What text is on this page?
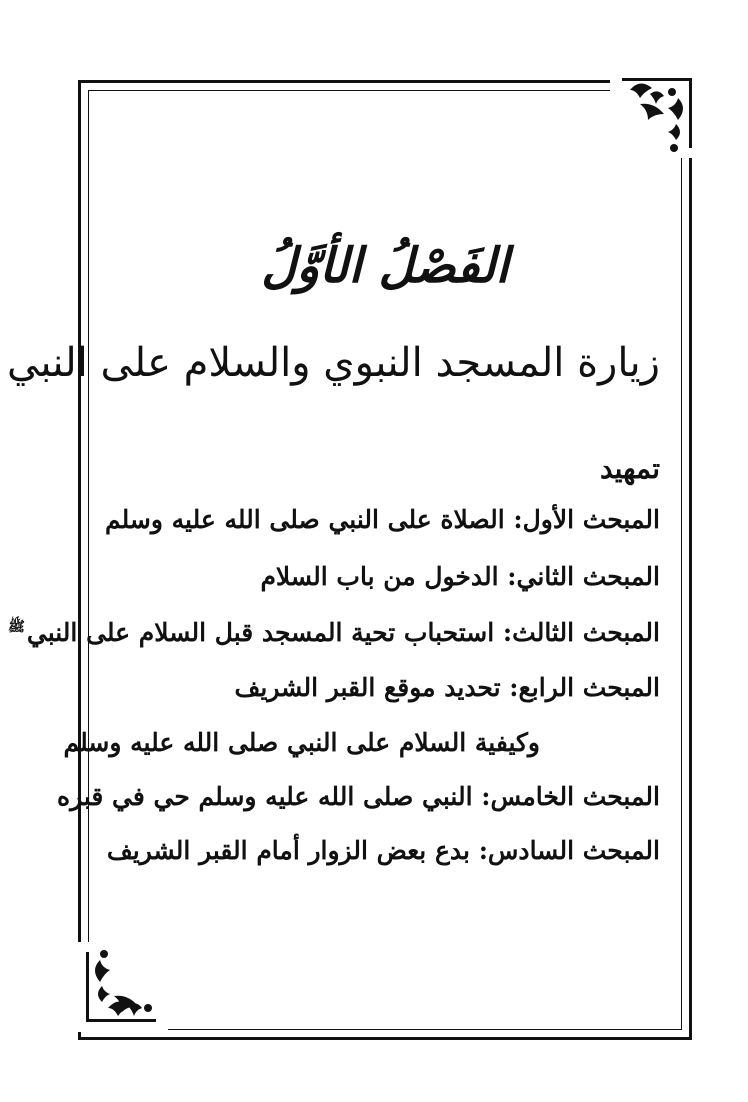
الفَصْلُ الأوَّلُ
زيارة المسجد النبوي والسلام على النبي
تمهيد
المبحث الأول: الصلاة على النبي صلى الله عليه وسلم
المبحث الثاني: الدخول من باب السلام
المبحث الثالث: استحباب تحية المسجد قبل السلام على النبي$^ﷺ$
المبحث الرابع: تحديد موقع القبر الشريف
وكيفية السلام على النبي صلى الله عليه وسلم
المبحث الخامس: النبي صلى الله عليه وسلم حي في قبره
المبحث السادس: بدع بعض الزوار أمام القبر الشريف
